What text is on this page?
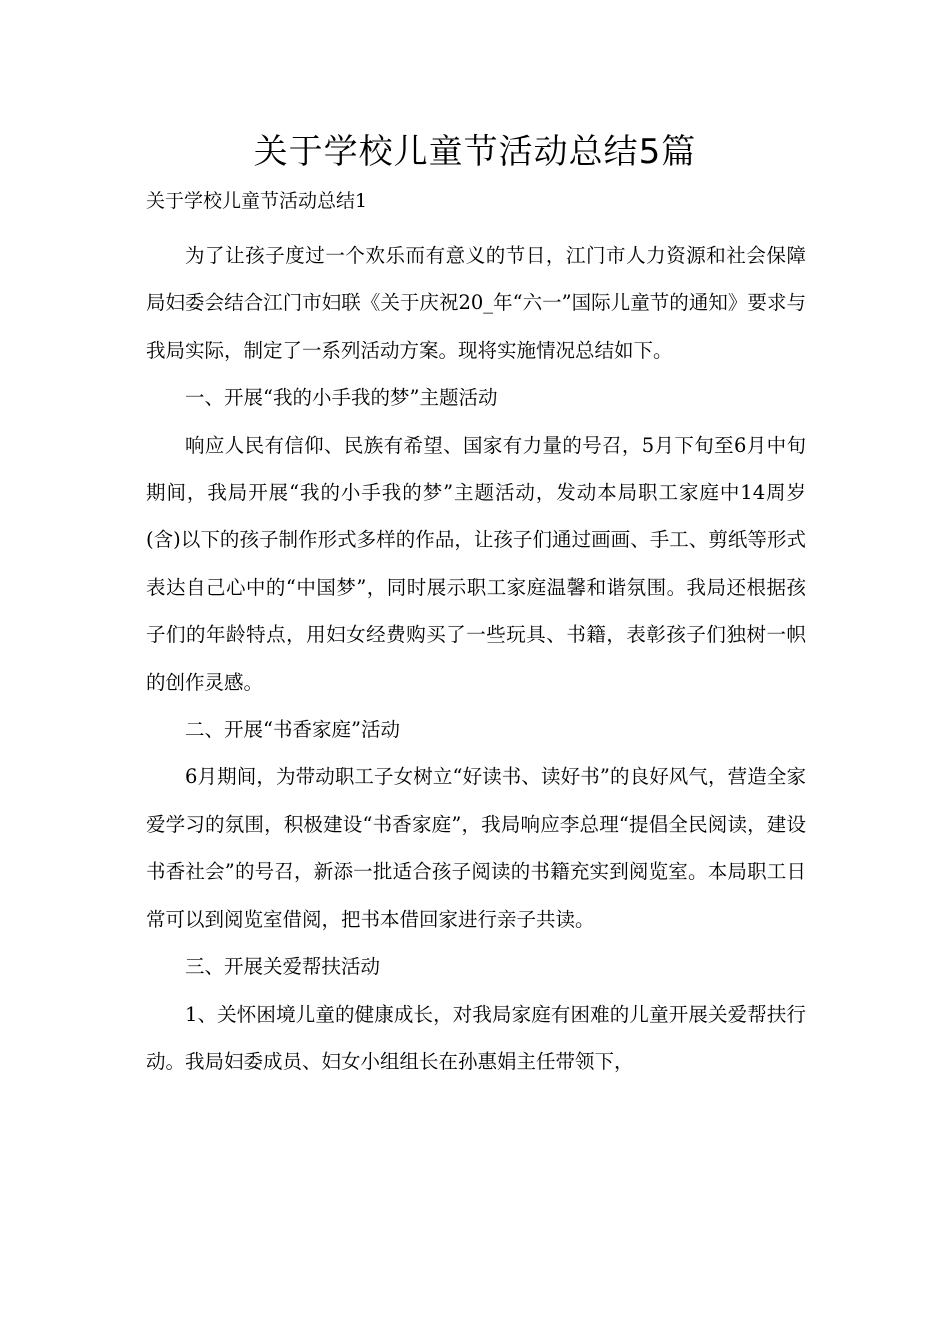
关于学校儿童节活动总结5篇

关于学校儿童节活动总结1

为了让孩子度过一个欢乐而有意义的节日，江门市人力资源和社会保障局妇委会结合江门市妇联《关于庆祝20_年“六一”国际儿童节的通知》要求与我局实际，制定了一系列活动方案。现将实施情况总结如下。

一、开展“我的小手我的梦”主题活动

响应人民有信仰、民族有希望、国家有力量的号召，5月下旬至6月中旬期间，我局开展“我的小手我的梦”主题活动，发动本局职工家庭中14周岁(含)以下的孩子制作形式多样的作品，让孩子们通过画画、手工、剪纸等形式表达自己心中的“中国梦”，同时展示职工家庭温馨和谐氛围。我局还根据孩子们的年龄特点，用妇女经费购买了一些玩具、书籍，表彰孩子们独树一帜的创作灵感。

二、开展“书香家庭”活动

6月期间，为带动职工子女树立“好读书、读好书”的良好风气，营造全家爱学习的氛围，积极建设“书香家庭”，我局响应李总理“提倡全民阅读，建设书香社会”的号召，新添一批适合孩子阅读的书籍充实到阅览室。本局职工日常可以到阅览室借阅，把书本借回家进行亲子共读。

三、开展关爱帮扶活动

1、关怀困境儿童的健康成长，对我局家庭有困难的儿童开展关爱帮扶行动。我局妇委成员、妇女小组组长在孙惠娟主任带领下，
